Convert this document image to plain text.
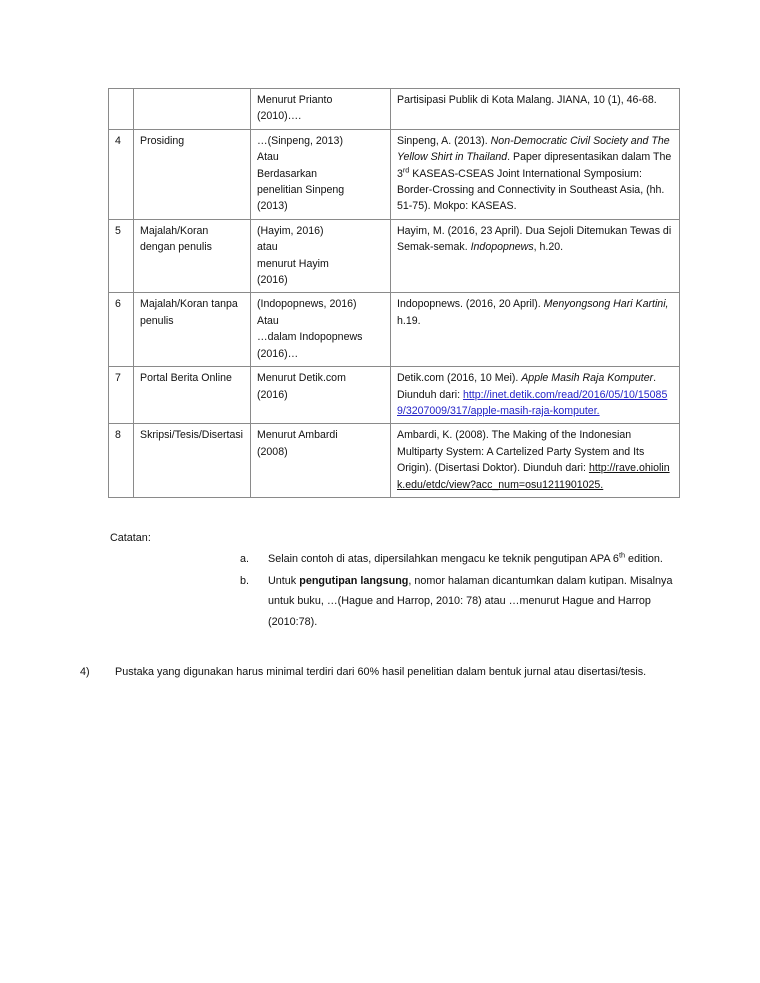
		Menurut Prianto
(2010)….	Partisipasi Publik di Kota Malang. JIANA, 10 (1), 46-68.
4	Prosiding	…(Sinpeng, 2013)
Atau
Berdasarkan
penelitian Sinpeng
(2013)
	Sinpeng, A. (2013). Non-Democratic Civil Society and The Yellow Shirt in Thailand. Paper dipresentasikan dalam The 3rd KASEAS-CSEAS Joint International Symposium: Border-Crossing and Connectivity in Southeast Asia, (hh. 51-75). Mokpo: KASEAS.
5	Majalah/Koran dengan penulis	(Hayim, 2016)
atau
menurut Hayim
(2016)	Hayim, M. (2016, 23 April). Dua Sejoli Ditemukan Tewas di Semak-semak. Indopopnews, h.20.
6	Majalah/Koran tanpa penulis	(Indopopnews, 2016)
Atau
…dalam Indopopnews
(2016)…	Indopopnews. (2016, 20 April). Menyongsong Hari Kartini, h.19.
7	Portal Berita Online	Menurut Detik.com
(2016)	Detik.com (2016, 10 Mei). Apple Masih Raja Komputer. Diunduh dari: http://inet.detik.com/read/2016/05/10/150859/3207009/317/apple-masih-raja-komputer.
8	Skripsi/Tesis/Disertasi	Menurut Ambardi
(2008)	Ambardi, K. (2008). The Making of the Indonesian Multiparty System: A Cartelized Party System and Its Origin). (Disertasi Doktor). Diunduh dari: http://rave.ohiolink.edu/etdc/view?acc_num=osu1211901025.
Catatan:
a.	Selain contoh di atas, dipersilahkan mengacu ke teknik pengutipan APA 6th edition.
b.	Untuk pengutipan langsung, nomor halaman dicantumkan dalam kutipan. Misalnya untuk buku, …(Hague and Harrop, 2010: 78) atau …menurut Hague and Harrop (2010:78).
4)	Pustaka yang digunakan harus minimal terdiri dari 60% hasil penelitian dalam bentuk jurnal atau disertasi/tesis.
